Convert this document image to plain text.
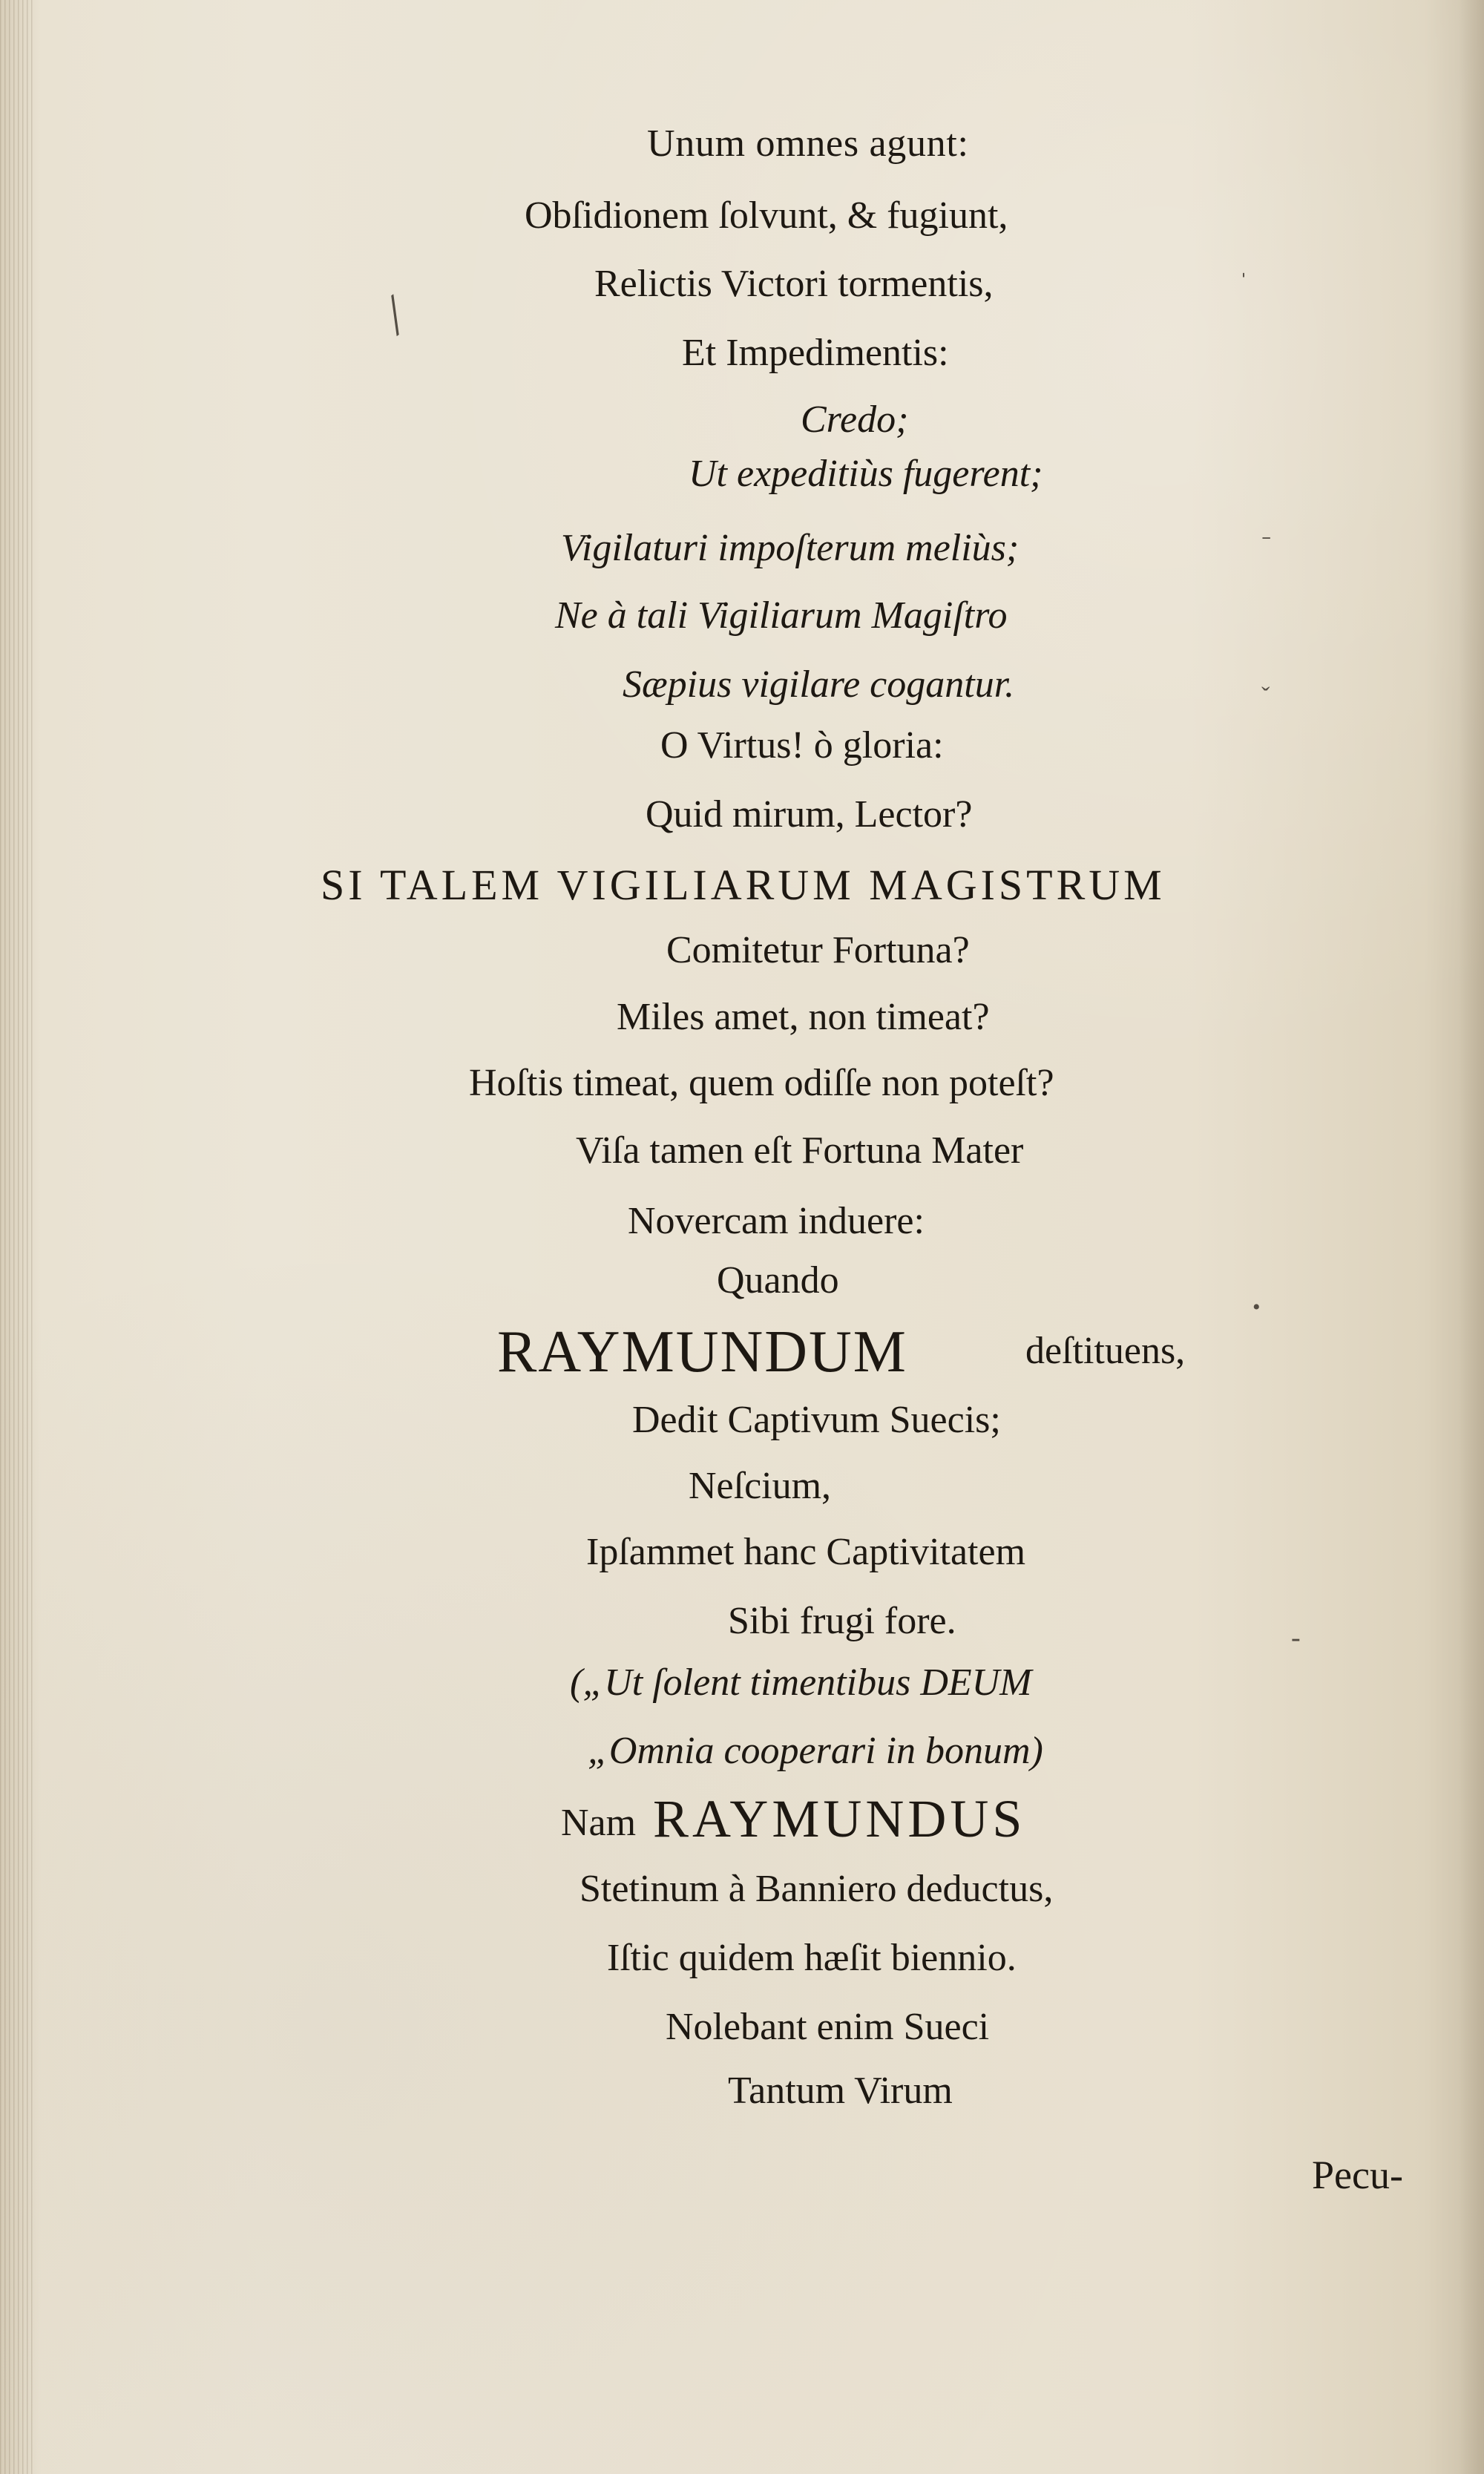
Unum omnes agunt:
Obſidionem ſolvunt, & fugiunt,
Relictis Victori tormentis,
Et Impedimentis:
Credo;
Ut expeditiùs fugerent;
Vigilaturi impoſterum meliùs;
Ne à tali Vigiliarum Magiſtro
Sæpius vigilare cogantur.
O Virtus! ò gloria:
Quid mirum, Lector?
SI TALEM VIGILIARUM MAGISTRUM
Comitetur Fortuna?
Miles amet, non timeat?
Hoſtis timeat, quem odiſſe non poteſt?
Viſa tamen eſt Fortuna Mater
Novercam induere:
Quando
RAYMUNDUM	deſtituens,
Dedit Captivum Suecis;
Neſcium,
Ipſammet hanc Captivitatem
Sibi frugi fore.
(„Ut ſolent timentibus DEUM
„Omnia cooperari in bonum)
Nam RAYMUNDUS
Stetinum à Banniero deductus,
Iſtic quidem hæſit biennio.
Nolebant enim Sueci
Tantum Virum
Pecu-
╱
ˈ
ˉ
ˇ
-
•
